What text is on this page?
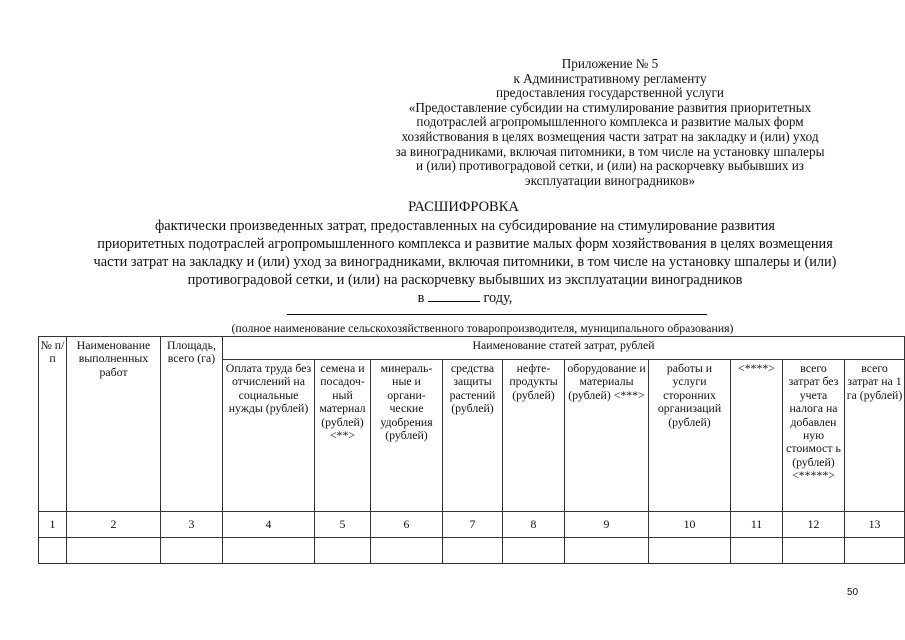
Приложение № 5
к Административному регламенту
предоставления государственной услуги
«Предоставление субсидии на стимулирование развития приоритетных
подотраслей агропромышленного комплекса и развитие малых форм
хозяйствования в целях возмещения части затрат на закладку и (или) уход
за виноградниками, включая питомники, в том числе на установку шпалеры
и (или) противоградовой сетки, и (или) на раскорчевку выбывших из
эксплуатации виноградников»
РАСШИФРОВКА
фактически произведенных затрат, предоставленных на субсидирование на стимулирование развития
приоритетных подотраслей агропромышленного комплекса и развитие малых форм хозяйствования в целях возмещения
части затрат на закладку и (или) уход за виноградниками, включая питомники, в том числе на установку шпалеры и (или)
противоградовой сетки, и (или) на раскорчевку выбывших из эксплуатации виноградников
в	году,
(полное наименование сельскохозяйственного товаропроизводителя, муниципального образования)
№ п/п	Наименование выполненных работ	Площадь, всего (га)	Наименование статей затрат, рублей									
			Оплата труда без отчислений на социальные нужды (рублей)	семена и посадоч-ный материал (рублей) <**>	минераль-ные и органи-ческие удобрения (рублей)	средства защиты растений (рублей)	нефте-продукты (рублей)	оборудование и материалы (рублей) <***>	работы и услуги сторонних организаций (рублей)	<****>	всего затрат без учета налога на добавлен ную стоимост ь (рублей) <*****>	всего затрат на 1 га (рублей)
1	2	3	4	5	6	7	8	9	10	11	12	13

50
